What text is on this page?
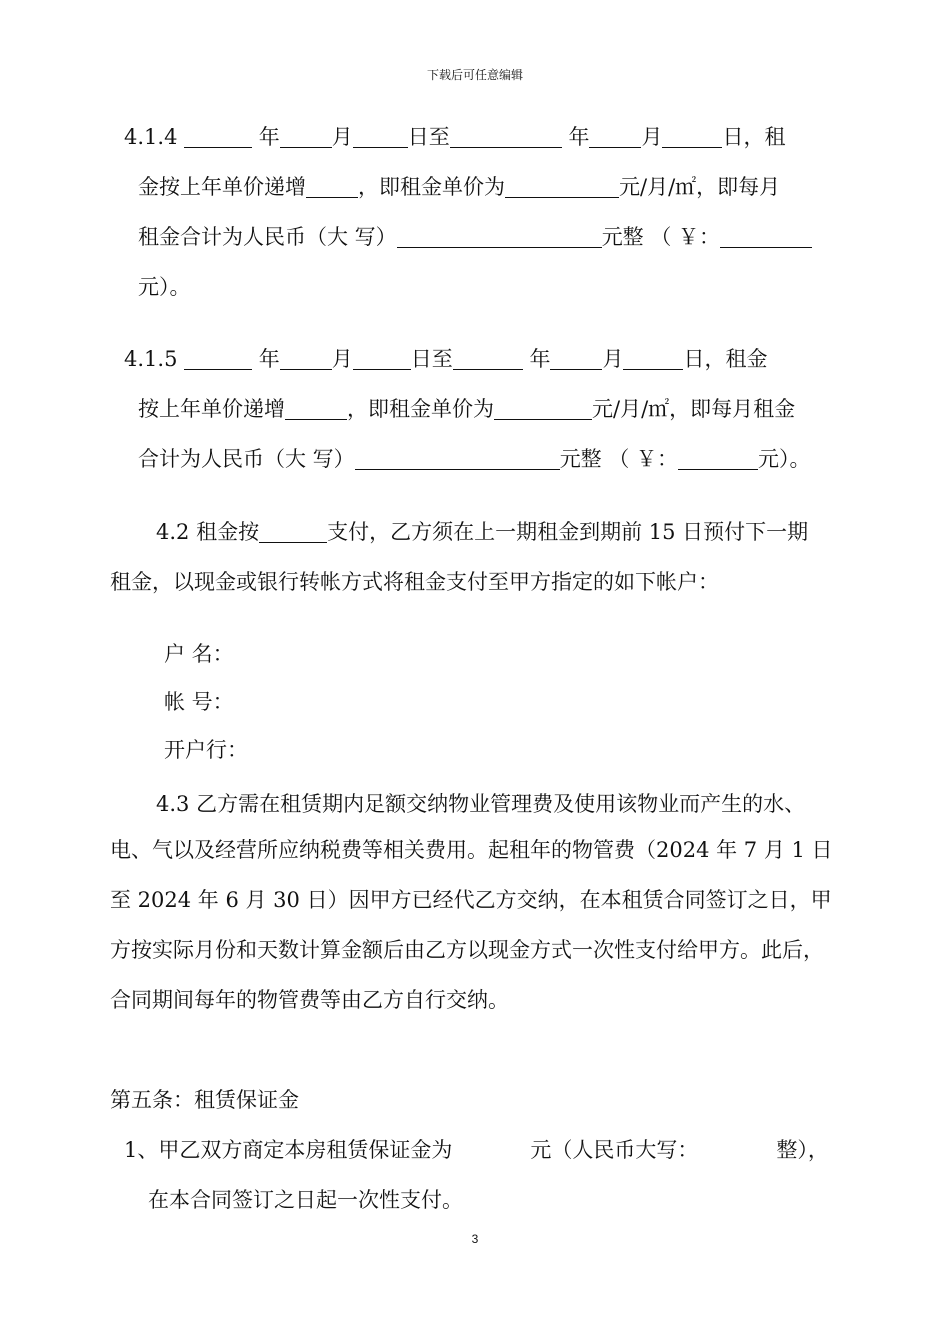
下载后可任意编辑
4.1.4	年 月	日至	年 月	日，租
金按上年单价递增 ，即租金单价为	元/月/㎡，即每月
租金合计为人民币（大 写）	元整 （ ￥：
元）。
4.1.5	年 月	日至	年 月	日，租金
按上年单价递增	，即租金单价为	元/月/㎡，即每月租金
合计为人民币（大 写）	元整 （ ￥：	元）。
4.2 租金按	支付，乙方须在上一期租金到期前 15 日预付下一期
租金，以现金或银行转帐方式将租金支付至甲方指定的如下帐户：
户 名：
帐 号：
开户行：
4.3 乙方需在租赁期内足额交纳物业管理费及使用该物业而产生的水、
电、气以及经营所应纳税费等相关费用。起租年的物管费（2024 年 7 月 1 日
至 2024 年 6 月 30 日）因甲方已经代乙方交纳，在本租赁合同签订之日，甲
方按实际月份和天数计算金额后由乙方以现金方式一次性支付给甲方。此后，
合同期间每年的物管费等由乙方自行交纳。
第五条：租赁保证金
1、甲乙双方商定本房租赁保证金为	元（人民币大写：	整），
在本合同签订之日起一次性支付。
3
